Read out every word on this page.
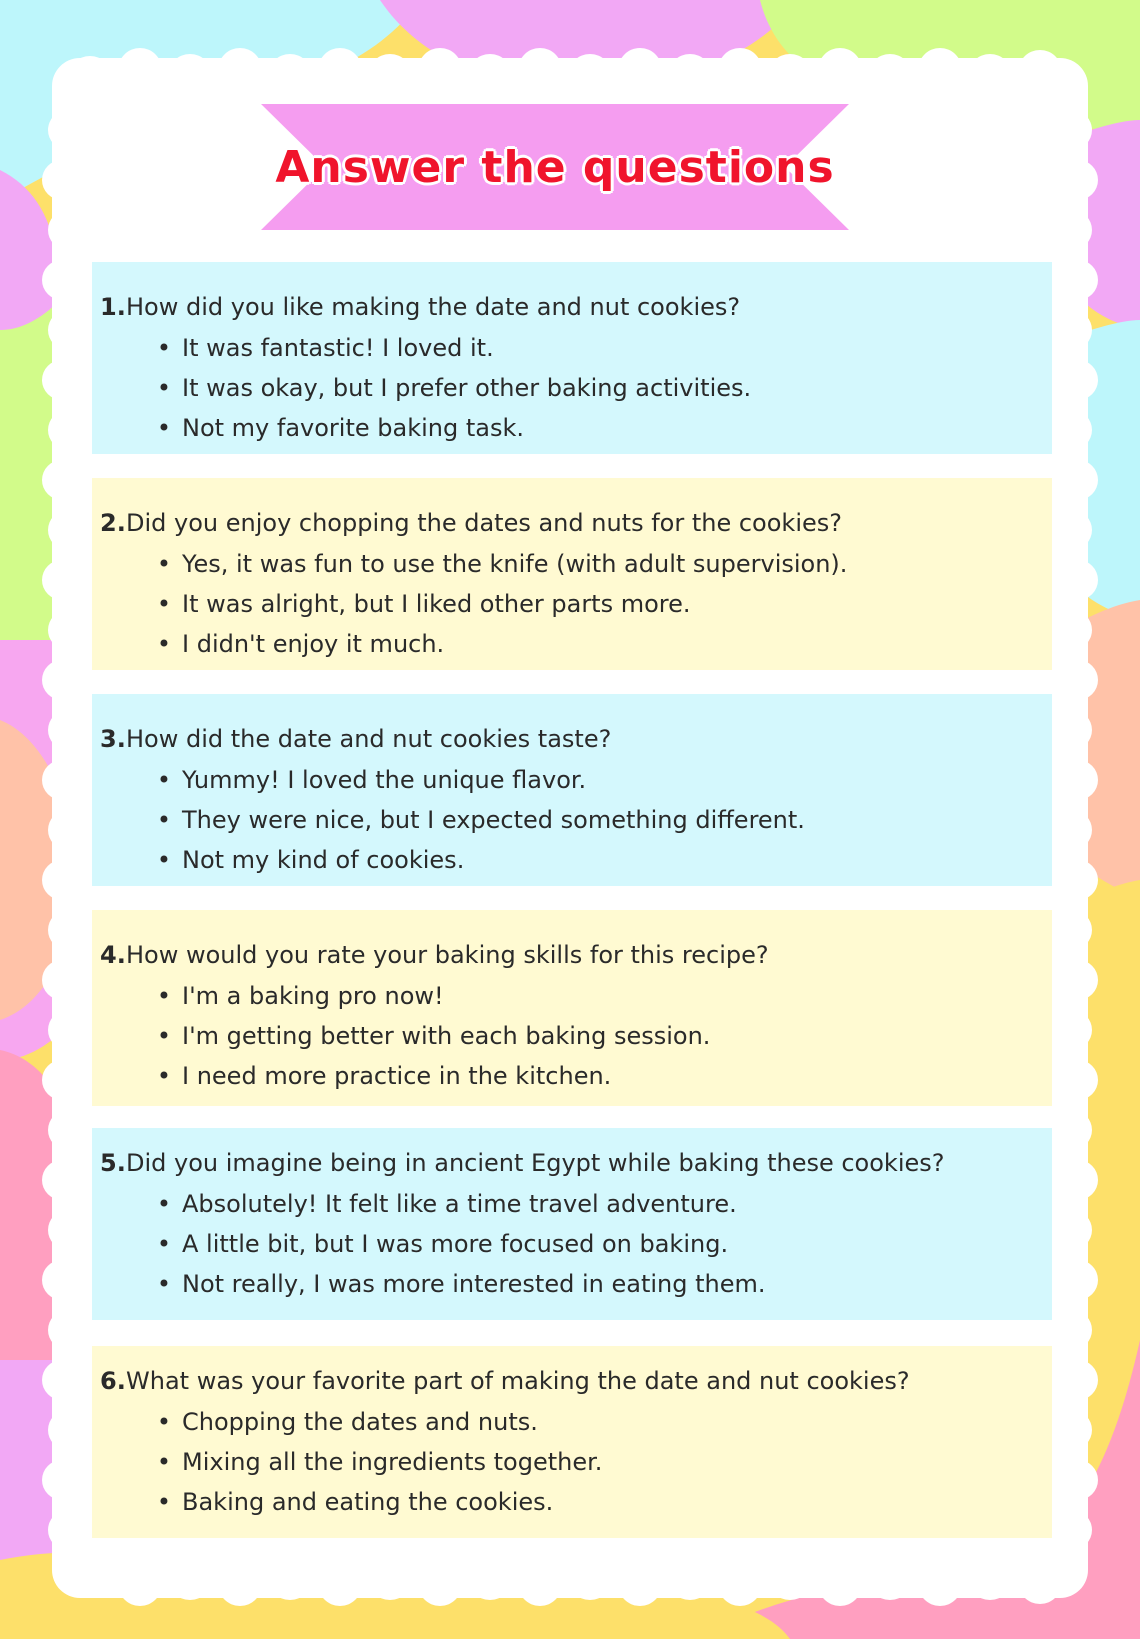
Answer the questions

1. How did you like making the date and nut cookies?

• It was fantastic! I loved it.
• It was okay, but I prefer other baking activities.
• Not my favorite baking task.

2. Did you enjoy chopping the dates and nuts for the cookies?

• Yes, it was fun to use the knife (with adult supervision).
• It was alright, but I liked other parts more.
• I didn't enjoy it much.

3. How did the date and nut cookies taste?

• Yummy! I loved the unique flavor.
• They were nice, but I expected something different.
• Not my kind of cookies.

4. How would you rate your baking skills for this recipe?

• I'm a baking pro now!
• I'm getting better with each baking session.
• I need more practice in the kitchen.

5. Did you imagine being in ancient Egypt while baking these cookies?

• Absolutely! It felt like a time travel adventure.
• A little bit, but I was more focused on baking.
• Not really, I was more interested in eating them.

6. What was your favorite part of making the date and nut cookies?

• Chopping the dates and nuts.
• Mixing all the ingredients together.
• Baking and eating the cookies.
